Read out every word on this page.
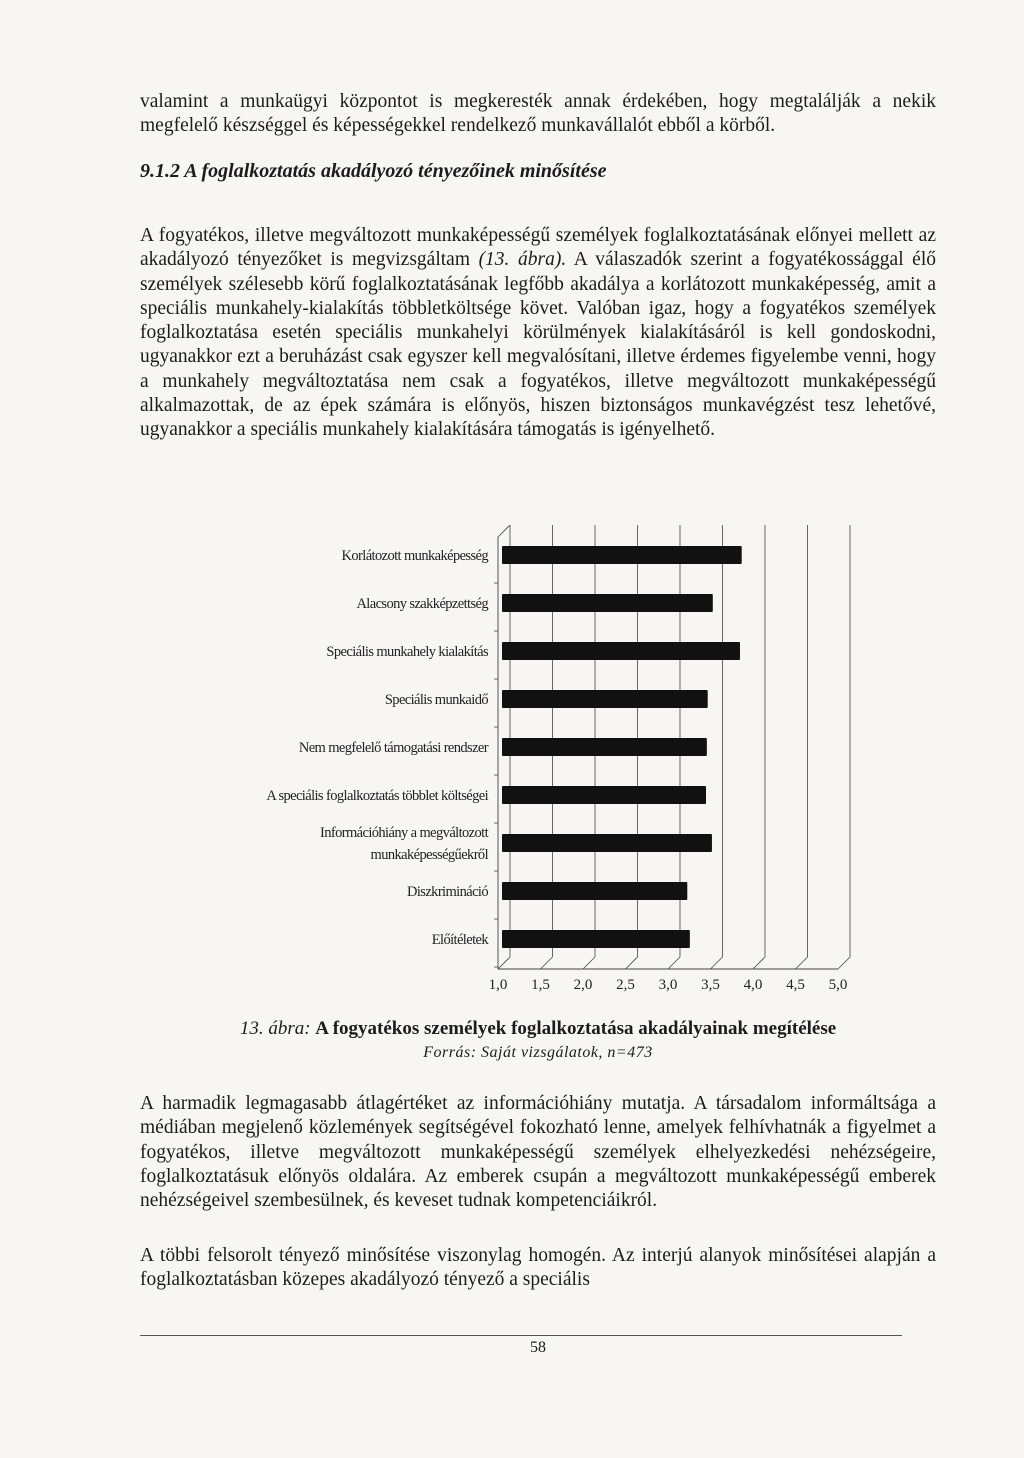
valamint a munkaügyi központot is megkeresték annak érdekében, hogy megtalálják a nekik megfelelő készséggel és képességekkel rendelkező munkavállalót ebből a körből.

9.1.2 A foglalkoztatás akadályozó tényezőinek minősítése

A fogyatékos, illetve megváltozott munkaképességű személyek foglalkoztatásának előnyei mellett az akadályozó tényezőket is megvizsgáltam (13. ábra). A válaszadók szerint a fogyatékossággal élő személyek szélesebb körű foglalkoztatásának legfőbb akadálya a korlátozott munkaképesség, amit a speciális munkahely-kialakítás többletköltsége követ. Valóban igaz, hogy a fogyatékos személyek foglalkoztatása esetén speciális munkahelyi körülmények kialakításáról is kell gondoskodni, ugyanakkor ezt a beruházást csak egyszer kell megvalósítani, illetve érdemes figyelembe venni, hogy a munkahely megváltoztatása nem csak a fogyatékos, illetve megváltozott munkaképességű alkalmazottak, de az épek számára is előnyös, hiszen biztonságos munkavégzést tesz lehetővé, ugyanakkor a speciális munkahely kialakítására támogatás is igényelhető.

1,0 1,5 2,0 2,5 3,0 3,5 4,0 4,5 5,0
Korlátozott munkaképesség
Alacsony szakképzettség
Speciális munkahely kialakítás
Speciális munkaidő
Nem megfelelő támogatási rendszer
A speciális foglalkoztatás többlet költségei
Információhiány a megváltozott munkaképességűekről
Diszkrimináció
Előítéletek
13. ábra: A fogyatékos személyek foglalkoztatása akadályainak megítélése
Forrás: Saját vizsgálatok, n=473

A harmadik legmagasabb átlagértéket az információhiány mutatja. A társadalom informáltsága a médiában megjelenő közlemények segítségével fokozható lenne, amelyek felhívhatnák a figyelmet a fogyatékos, illetve megváltozott munkaképességű személyek elhelyezkedési nehézségeire, foglalkoztatásuk előnyös oldalára. Az emberek csupán a megváltozott munkaképességű emberek nehézségeivel szembesülnek, és keveset tudnak kompetenciáikról.

A többi felsorolt tényező minősítése viszonylag homogén. Az interjú alanyok minősítései alapján a foglalkoztatásban közepes akadályozó tényező a speciális

58
